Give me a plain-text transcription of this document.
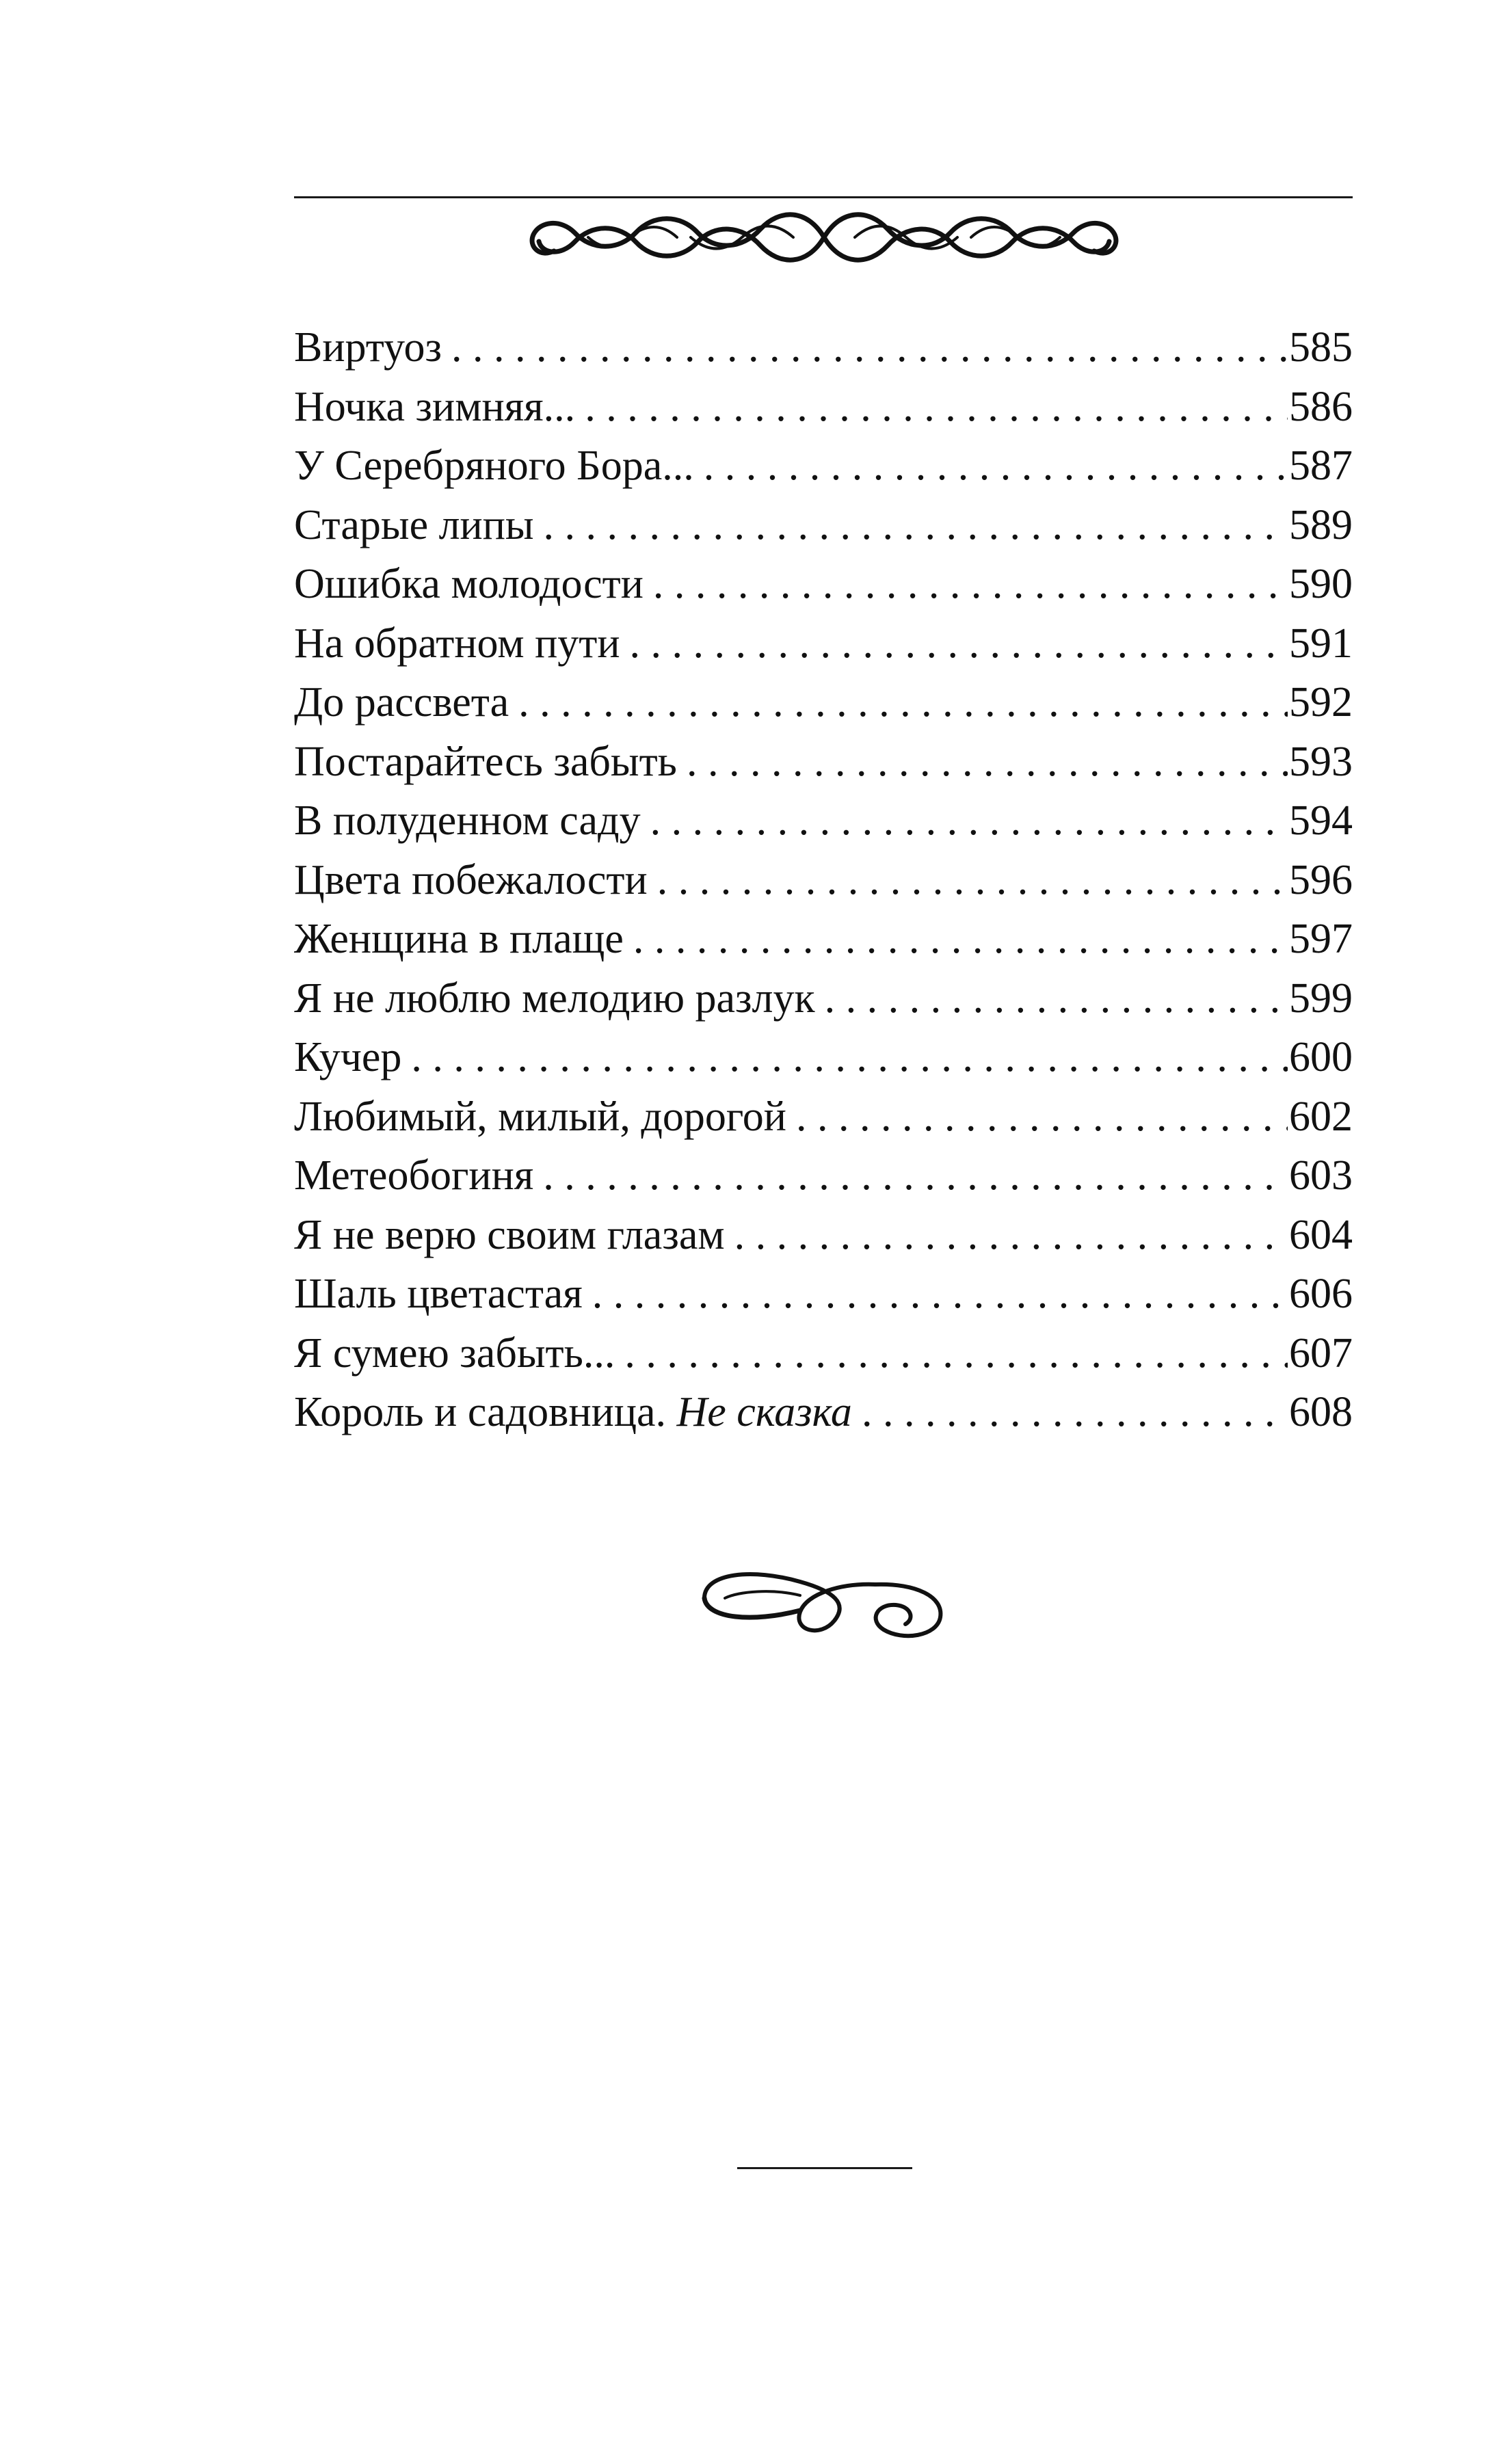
Виртуоз . . .	585
Ночка зимняя... . . .	586
У Серебряного Бора... . . .	587
Старые липы . . .	589
Ошибка молодости . . .	590
На обратном пути . . .	591
До рассвета . . .	592
Постарайтесь забыть . . .	593
В полуденном саду . . .	594
Цвета побежалости . . .	596
Женщина в плаще . . .	597
Я не люблю мелодию разлук . . .	599
Кучер . . .	600
Любимый, милый, дорогой . . .	602
Метеобогиня . . .	603
Я не верю своим глазам . . .	604
Шаль цветастая . . .	606
Я сумею забыть... . . .	607
Король и садовница. Не сказка . . .	608
